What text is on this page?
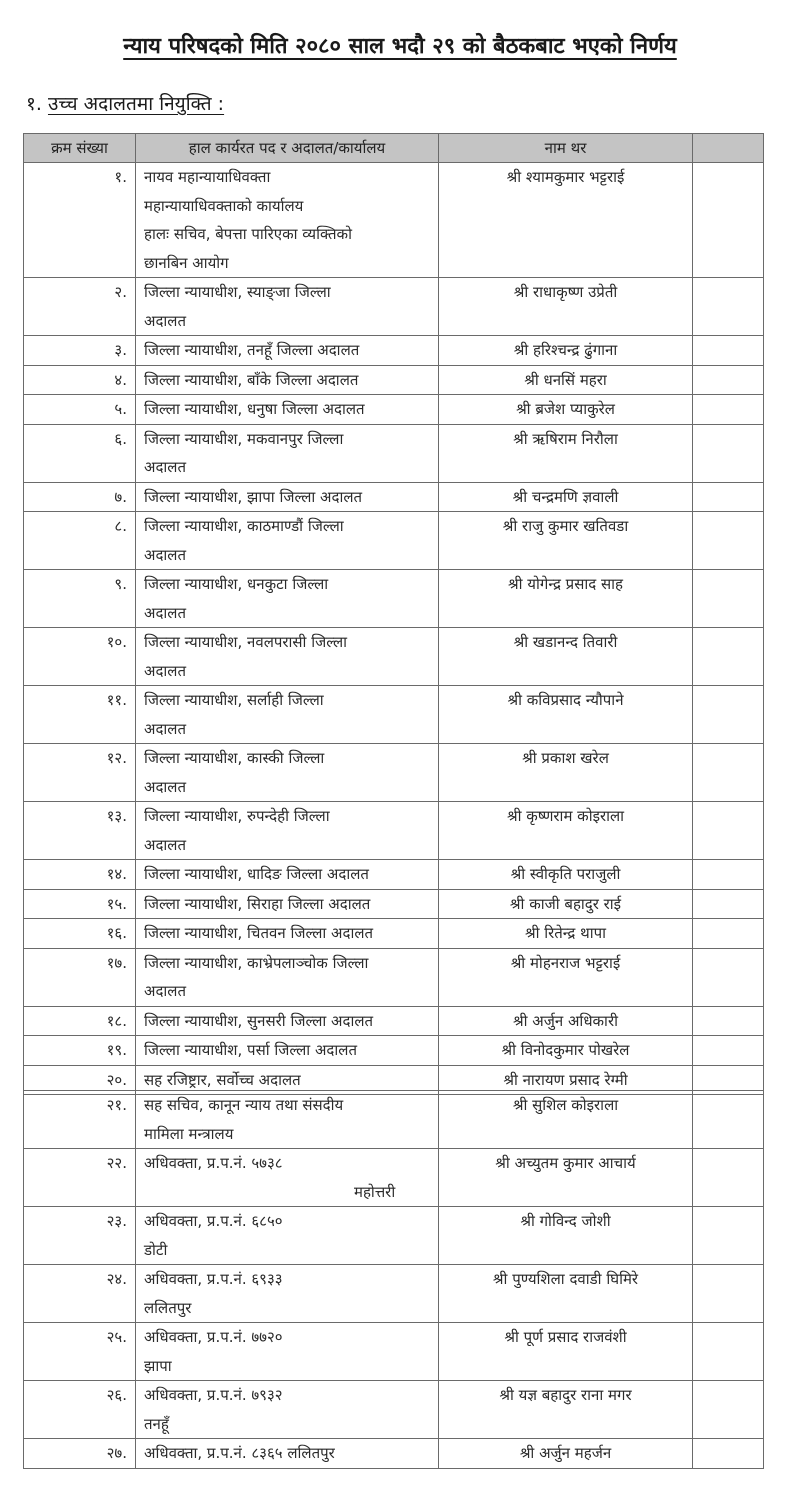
न्याय परिषदको मिति २०८० साल भदौ २९ को बैठकबाट भएको निर्णय
१. उच्च अदालतमा नियुक्ति :
क्रम संख्या	हाल कार्यरत पद र अदालत/कार्यालय	नाम थर	
१.	नायव महान्यायाधिवक्ता
महान्यायाधिवक्ताको कार्यालय
हालः सचिव, बेपत्ता पारिएका व्यक्तिको
छानबिन आयोग	श्री श्यामकुमार भट्टराई	
२.	जिल्ला न्यायाधीश, स्याङ्जा जिल्ला
अदालत	श्री राधाकृष्ण उप्रेती	
३.	जिल्ला न्यायाधीश, तनहूँ जिल्ला अदालत	श्री हरिश्चन्द्र ढुंगाना	
४.	जिल्ला न्यायाधीश, बाँके जिल्ला अदालत	श्री धनसिं महरा	
५.	जिल्ला न्यायाधीश, धनुषा जिल्ला अदालत	श्री ब्रजेश प्याकुरेल	
६.	जिल्ला न्यायाधीश, मकवानपुर जिल्ला
अदालत	श्री ऋषिराम निरौला	
७.	जिल्ला न्यायाधीश, झापा जिल्ला अदालत	श्री चन्द्रमणि ज्ञवाली	
८.	जिल्ला न्यायाधीश, काठमाण्डौं जिल्ला
अदालत	श्री राजु कुमार खतिवडा	
९.	जिल्ला न्यायाधीश, धनकुटा जिल्ला
अदालत	श्री योगेन्द्र प्रसाद साह	
१०.	जिल्ला न्यायाधीश, नवलपरासी जिल्ला
अदालत	श्री खडानन्द तिवारी	
११.	जिल्ला न्यायाधीश, सर्लाही जिल्ला
अदालत	श्री कविप्रसाद न्यौपाने	
१२.	जिल्ला न्यायाधीश, कास्की जिल्ला
अदालत	श्री प्रकाश खरेल	
१३.	जिल्ला न्यायाधीश, रुपन्देही जिल्ला
अदालत	श्री कृष्णराम कोइराला	
१४.	जिल्ला न्यायाधीश, धादिङ जिल्ला अदालत	श्री स्वीकृति पराजुली	
१५.	जिल्ला न्यायाधीश, सिराहा जिल्ला अदालत	श्री काजी बहादुर राई	
१६.	जिल्ला न्यायाधीश, चितवन जिल्ला अदालत	श्री रितेन्द्र थापा	
१७.	जिल्ला न्यायाधीश, काभ्रेपलाञ्चोक जिल्ला
अदालत	श्री मोहनराज भट्टराई	
१८.	जिल्ला न्यायाधीश, सुनसरी जिल्ला अदालत	श्री अर्जुन अधिकारी	
१९.	जिल्ला न्यायाधीश, पर्सा जिल्ला अदालत	श्री विनोदकुमार पोखरेल	
२०.	सह रजिष्ट्रार, सर्वोच्च अदालत	श्री नारायण प्रसाद रेग्मी	
२१.	सह सचिव, कानून न्याय तथा संसदीय
मामिला मन्त्रालय	श्री सुशिल कोइराला	
२२.	अधिवक्ता, प्र.प.नं. ५७३८
महोत्तरी	श्री अच्युतम कुमार आचार्य	
२३.	अधिवक्ता, प्र.प.नं. ६८५०
डोटी	श्री गोविन्द जोशी	
२४.	अधिवक्ता, प्र.प.नं. ६९३३
ललितपुर	श्री पुण्यशिला दवाडी घिमिरे	
२५.	अधिवक्ता, प्र.प.नं. ७७२०
झापा	श्री पूर्ण प्रसाद राजवंशी	
२६.	अधिवक्ता, प्र.प.नं. ७९३२
तनहूँ	श्री यज्ञ बहादुर राना मगर	
२७.	अधिवक्ता, प्र.प.नं. ८३६५ ललितपुर	श्री अर्जुन महर्जन	
